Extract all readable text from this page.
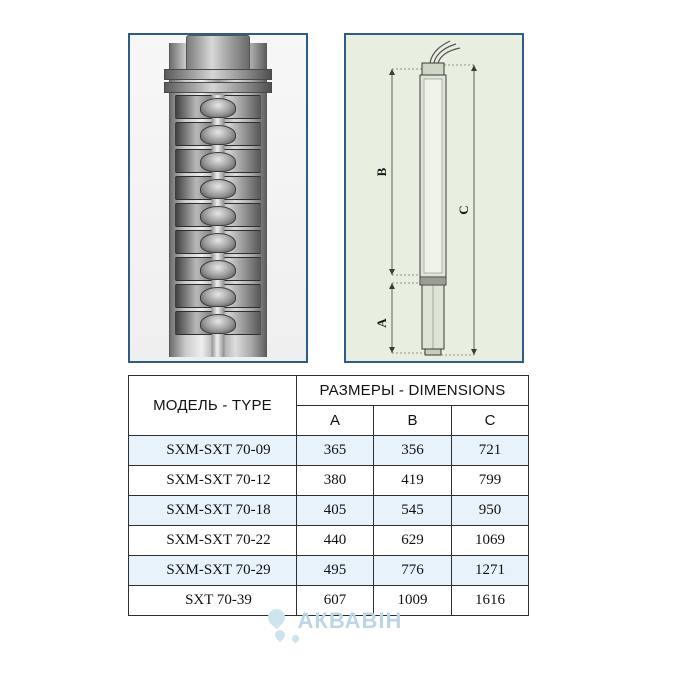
A
B
C
МОДЕЛЬ - TYPE	РАЗМЕРЫ - DIMENSIONS		
	A	B	C
SXM-SXT 70-09	365	356	721
SXM-SXT 70-12	380	419	799
SXM-SXT 70-18	405	545	950
SXM-SXT 70-22	440	629	1069
SXM-SXT 70-29	495	776	1271
SXT 70-39	607	1009	1616
АКВАВІН
